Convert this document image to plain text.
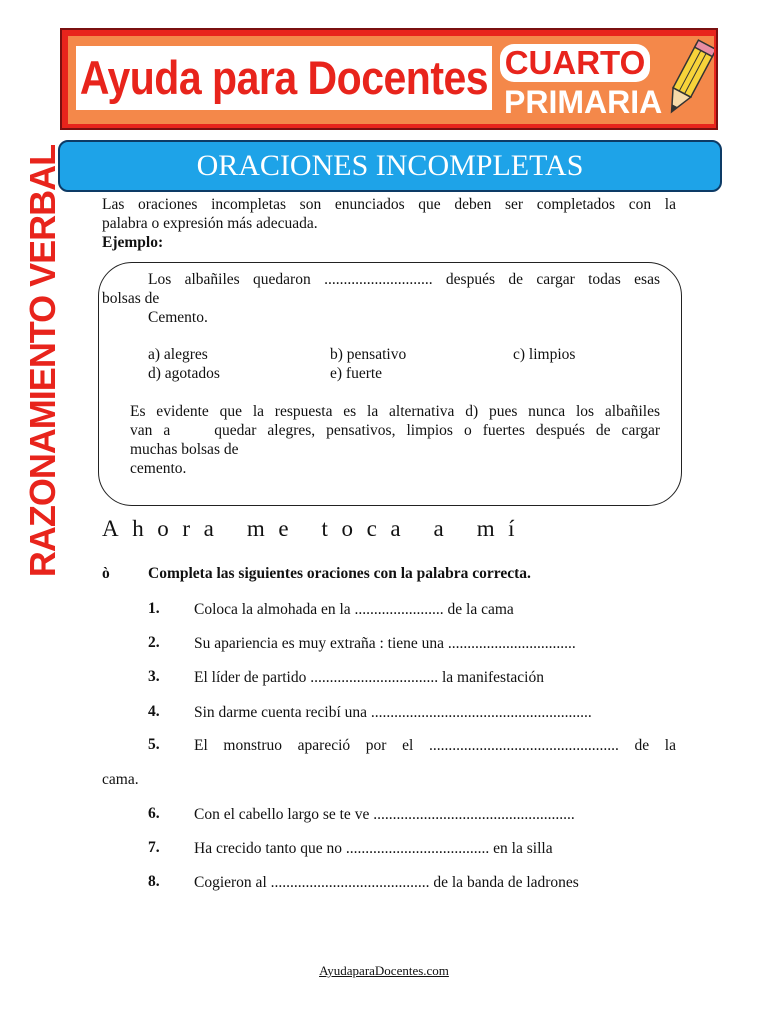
Ayuda para Docentes CUARTO
PRIMARIA
ORACIONES INCOMPLETAS
RAZONAMIENTO VERBAL	Las oraciones incompletas son enunciados que deben ser completados con la
palabra o expresión más adecuada.
Ejemplo:
Los albañiles quedaron ............................ después de cargar todas esas
bolsas de
Cemento.
a) alegres	b) pensativo	c) limpios
d) agotados	e) fuerte
Es evidente que la respuesta es la alternativa d) pues nunca los albañiles
van a    quedar alegres, pensativos, limpios o fuertes después de cargar
muchas bolsas de
cemento.
Ahora me toca a mí
ò Completa las siguientes oraciones con la palabra correcta.
1. Coloca la almohada en la ....................... de la cama
2. Su apariencia es muy extraña : tiene una .................................
3. El líder de partido ................................. la manifestación
4. Sin darme cuenta recibí una .........................................................
5. El monstruo apareció por el ................................................. de la
cama.
6. Con el cabello largo se te ve ....................................................
7. Ha crecido tanto que no ..................................... en la silla
8. Cogieron al ......................................... de la banda de ladrones
AyudaparaDocentes.com
